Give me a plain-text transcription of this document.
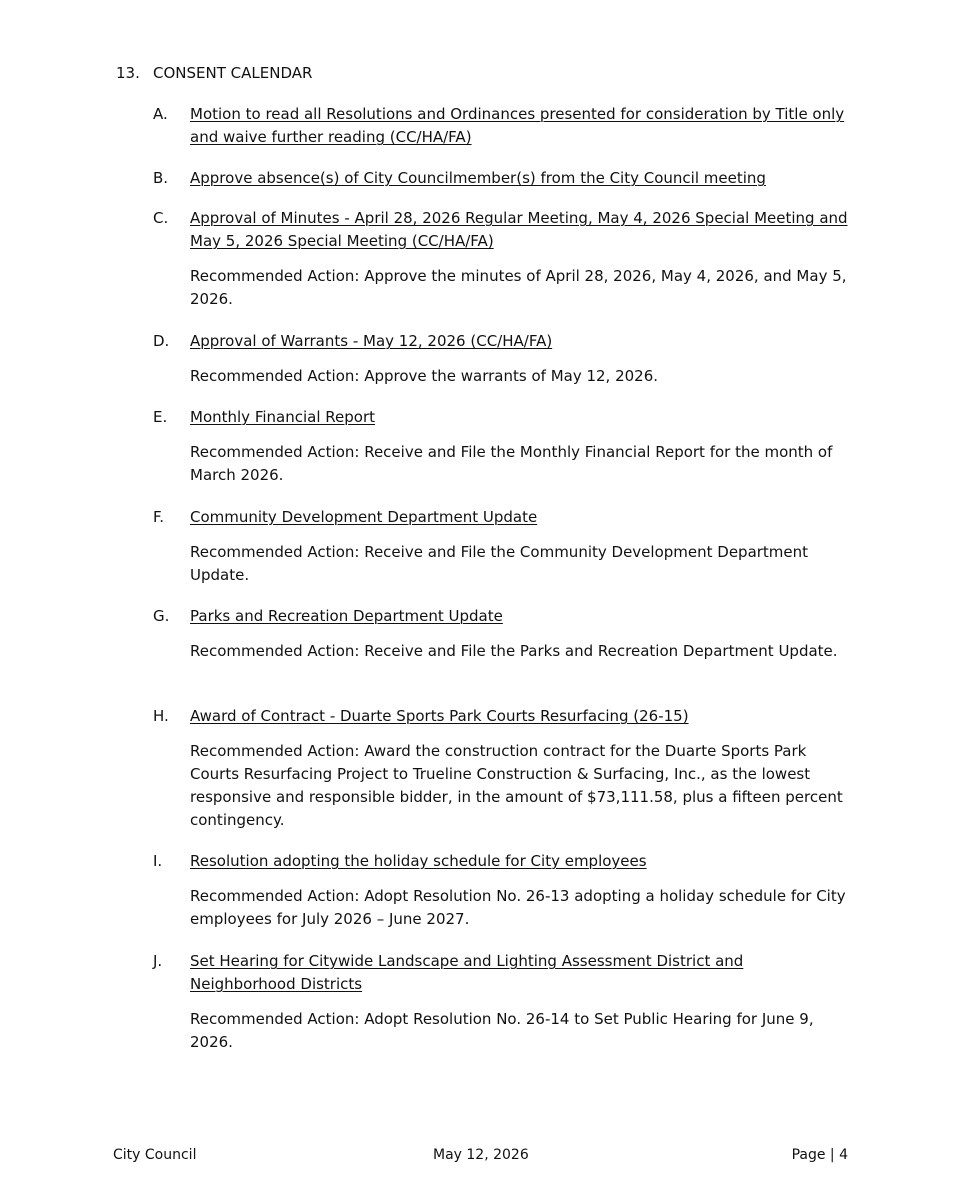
13. CONSENT CALENDAR
A.	Motion to read all Resolutions and Ordinances presented for consideration by Title only and waive further reading (CC/HA/FA)

B.	Approve absence(s) of City Councilmember(s) from the City Council meeting

C.	Approval of Minutes - April 28, 2026 Regular Meeting, May 4, 2026 Special Meeting and May 5, 2026 Special Meeting (CC/HA/FA)

Recommended Action: Approve the minutes of April 28, 2026, May 4, 2026, and May 5, 2026.

D.	Approval of Warrants - May 12, 2026 (CC/HA/FA)

Recommended Action: Approve the warrants of May 12, 2026.

E.	Monthly Financial Report

Recommended Action: Receive and File the Monthly Financial Report for the month of March 2026.

F.	Community Development Department Update

Recommended Action: Receive and File the Community Development Department Update.

G.	Parks and Recreation Department Update

Recommended Action: Receive and File the Parks and Recreation Department Update.

H.	Award of Contract - Duarte Sports Park Courts Resurfacing (26-15)

Recommended Action: Award the construction contract for the Duarte Sports Park Courts Resurfacing Project to Trueline Construction & Surfacing, Inc., as the lowest responsive and responsible bidder, in the amount of $73,111.58, plus a fifteen percent contingency.

I.	Resolution adopting the holiday schedule for City employees

Recommended Action: Adopt Resolution No. 26-13 adopting a holiday schedule for City employees for July 2026 – June 2027.

J.	Set Hearing for Citywide Landscape and Lighting Assessment District and Neighborhood Districts

Recommended Action: Adopt Resolution No. 26-14 to Set Public Hearing for June 9, 2026.

City Council	May 12, 2026	Page | 4
